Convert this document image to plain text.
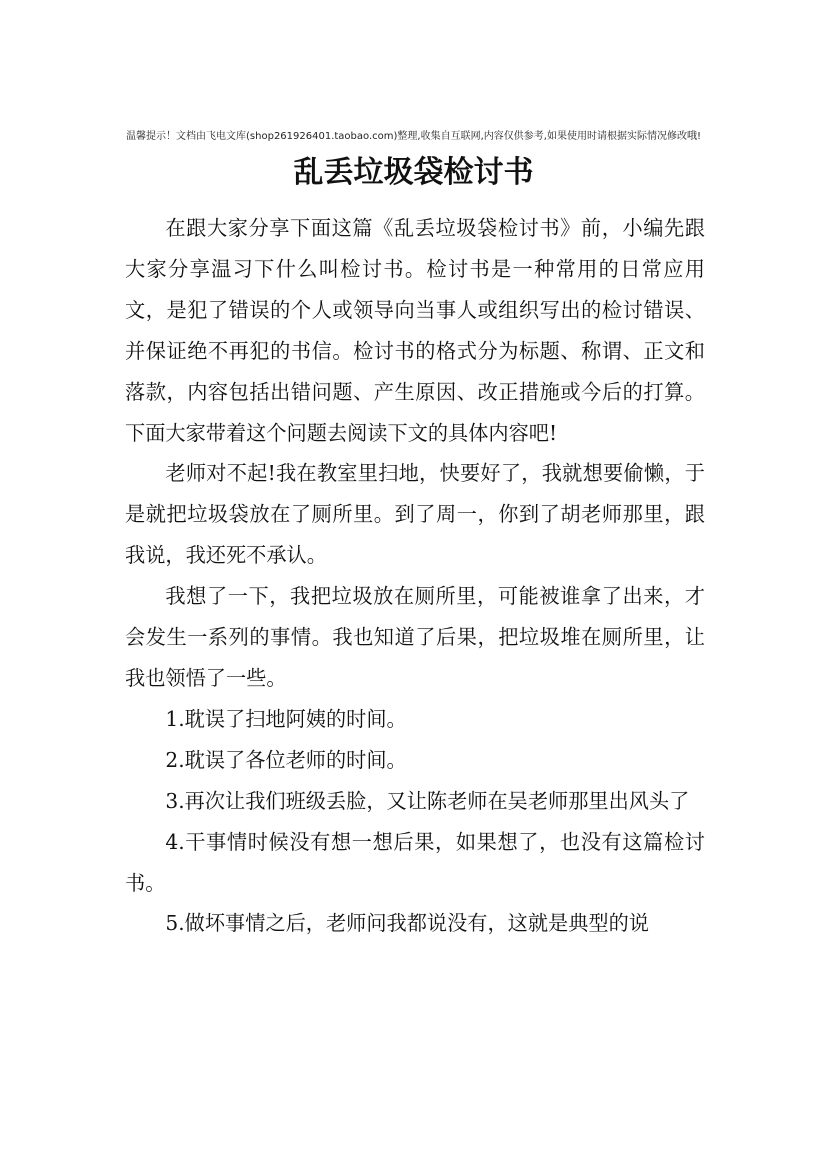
温馨提示！文档由飞电文库(shop261926401.taobao.com)整理,收集自互联网,内容仅供参考,如果使用时请根据实际情况修改哦!
乱丢垃圾袋检讨书

在跟大家分享下面这篇《乱丢垃圾袋检讨书》前，小编先跟大家分享温习下什么叫检讨书。检讨书是一种常用的日常应用文，是犯了错误的个人或领导向当事人或组织写出的检讨错误、并保证绝不再犯的书信。检讨书的格式分为标题、称谓、正文和落款，内容包括出错问题、产生原因、改正措施或今后的打算。下面大家带着这个问题去阅读下文的具体内容吧!

老师对不起!我在教室里扫地，快要好了，我就想要偷懒，于是就把垃圾袋放在了厕所里。到了周一，你到了胡老师那里，跟我说，我还死不承认。

我想了一下，我把垃圾放在厕所里，可能被谁拿了出来，才会发生一系列的事情。我也知道了后果，把垃圾堆在厕所里，让我也领悟了一些。

1.耽误了扫地阿姨的时间。

2.耽误了各位老师的时间。

3.再次让我们班级丢脸，又让陈老师在吴老师那里出风头了

4.干事情时候没有想一想后果，如果想了，也没有这篇检讨书。

5.做坏事情之后，老师问我都说没有，这就是典型的说
